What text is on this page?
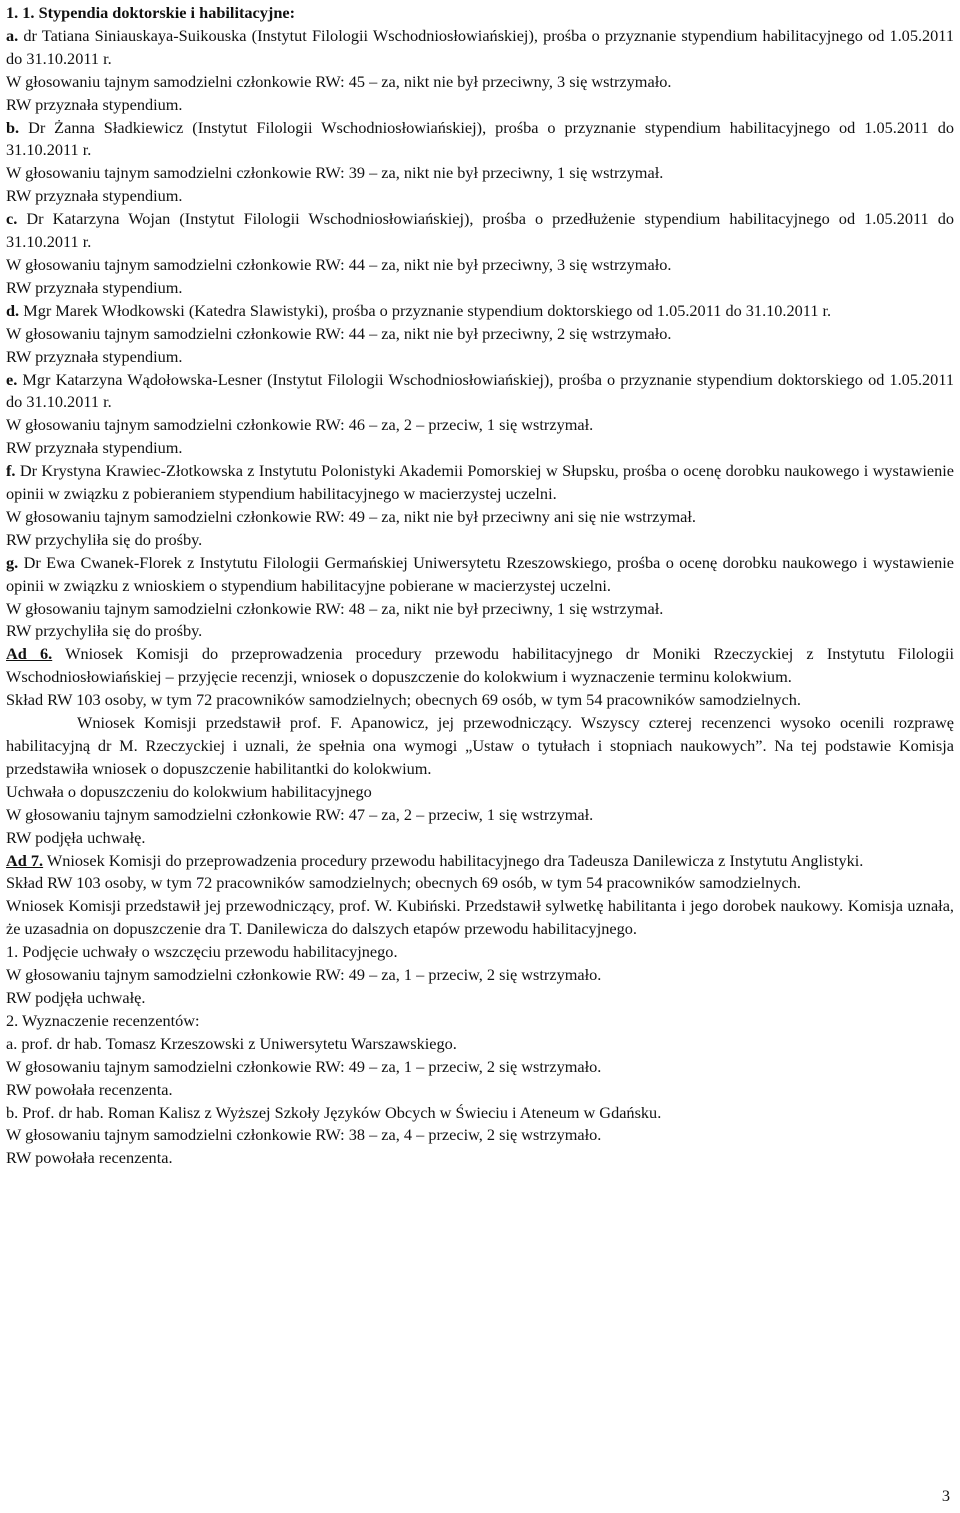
1. 1. Stypendia doktorskie i habilitacyjne:

a. dr Tatiana Siniauskaya-Suikouska (Instytut Filologii Wschodniosłowiańskiej), prośba o przyznanie stypendium habilitacyjnego od 1.05.2011 do 31.10.2011 r.

W głosowaniu tajnym samodzielni członkowie RW: 45 – za, nikt nie był przeciwny, 3 się wstrzymało.

RW przyznała stypendium.

b. Dr Żanna Sładkiewicz (Instytut Filologii Wschodniosłowiańskiej), prośba o przyznanie stypendium habilitacyjnego od 1.05.2011 do 31.10.2011 r.

W głosowaniu tajnym samodzielni członkowie RW: 39 – za, nikt nie był przeciwny, 1 się wstrzymał.

RW przyznała stypendium.

c. Dr Katarzyna Wojan (Instytut Filologii Wschodniosłowiańskiej), prośba o przedłużenie stypendium habilitacyjnego od 1.05.2011 do 31.10.2011 r.

W głosowaniu tajnym samodzielni członkowie RW: 44 – za, nikt nie był przeciwny, 3 się wstrzymało.

RW przyznała stypendium.

d. Mgr Marek Włodkowski (Katedra Slawistyki), prośba o przyznanie stypendium doktorskiego od 1.05.2011 do 31.10.2011 r.

W głosowaniu tajnym samodzielni członkowie RW: 44 – za, nikt nie był przeciwny, 2 się wstrzymało.

RW przyznała stypendium.

e. Mgr Katarzyna Wądołowska-Lesner (Instytut Filologii Wschodniosłowiańskiej), prośba o przyznanie stypendium doktorskiego od 1.05.2011 do 31.10.2011 r.

W głosowaniu tajnym samodzielni członkowie RW: 46 – za, 2 – przeciw, 1 się wstrzymał.

RW przyznała stypendium.

f. Dr Krystyna Krawiec-Złotkowska z Instytutu Polonistyki Akademii Pomorskiej w Słupsku, prośba o ocenę dorobku naukowego i wystawienie opinii w związku z pobieraniem stypendium habilitacyjnego w macierzystej uczelni.

W głosowaniu tajnym samodzielni członkowie RW: 49 – za, nikt nie był przeciwny ani się nie wstrzymał.

RW przychyliła się do prośby.

g. Dr Ewa Cwanek-Florek z Instytutu Filologii Germańskiej Uniwersytetu Rzeszowskiego, prośba o ocenę dorobku naukowego i wystawienie opinii w związku z wnioskiem o stypendium habilitacyjne pobierane w macierzystej uczelni.

W głosowaniu tajnym samodzielni członkowie RW: 48 – za, nikt nie był przeciwny, 1 się wstrzymał.

RW przychyliła się do prośby.

Ad 6. Wniosek Komisji do przeprowadzenia procedury przewodu habilitacyjnego dr Moniki Rzeczyckiej z Instytutu Filologii Wschodniosłowiańskiej – przyjęcie recenzji, wniosek o dopuszczenie do kolokwium i wyznaczenie terminu kolokwium.

Skład RW 103 osoby, w tym 72 pracowników samodzielnych; obecnych 69 osób, w tym 54 pracowników samodzielnych.

Wniosek Komisji przedstawił prof. F. Apanowicz, jej przewodniczący. Wszyscy czterej recenzenci wysoko ocenili rozprawę habilitacyjną dr M. Rzeczyckiej i uznali, że spełnia ona wymogi „Ustaw o tytułach i stopniach naukowych”. Na tej podstawie Komisja przedstawiła wniosek o dopuszczenie habilitantki do kolokwium.

Uchwała o dopuszczeniu do kolokwium habilitacyjnego

W głosowaniu tajnym samodzielni członkowie RW: 47 – za, 2 – przeciw, 1 się wstrzymał.

RW podjęła uchwałę.

Ad 7. Wniosek Komisji do przeprowadzenia procedury przewodu habilitacyjnego dra Tadeusza Danilewicza z Instytutu Anglistyki.

Skład RW 103 osoby, w tym 72 pracowników samodzielnych; obecnych 69 osób, w tym 54 pracowników samodzielnych.

Wniosek Komisji przedstawił jej przewodniczący, prof. W. Kubiński. Przedstawił sylwetkę habilitanta i jego dorobek naukowy. Komisja uznała, że uzasadnia on dopuszczenie dra T. Danilewicza do dalszych etapów przewodu habilitacyjnego.

1. Podjęcie uchwały o wszczęciu przewodu habilitacyjnego.

W głosowaniu tajnym samodzielni członkowie RW: 49 – za, 1 – przeciw, 2 się wstrzymało.

RW podjęła uchwałę.

2. Wyznaczenie recenzentów:

a. prof. dr hab. Tomasz Krzeszowski z Uniwersytetu Warszawskiego.

W głosowaniu tajnym samodzielni członkowie RW: 49 – za, 1 – przeciw, 2 się wstrzymało.

RW powołała recenzenta.

b. Prof. dr hab. Roman Kalisz z Wyższej Szkoły Języków Obcych w Świeciu i Ateneum w Gdańsku.

W głosowaniu tajnym samodzielni członkowie RW: 38 – za, 4 – przeciw, 2 się wstrzymało.

RW powołała recenzenta.

3
